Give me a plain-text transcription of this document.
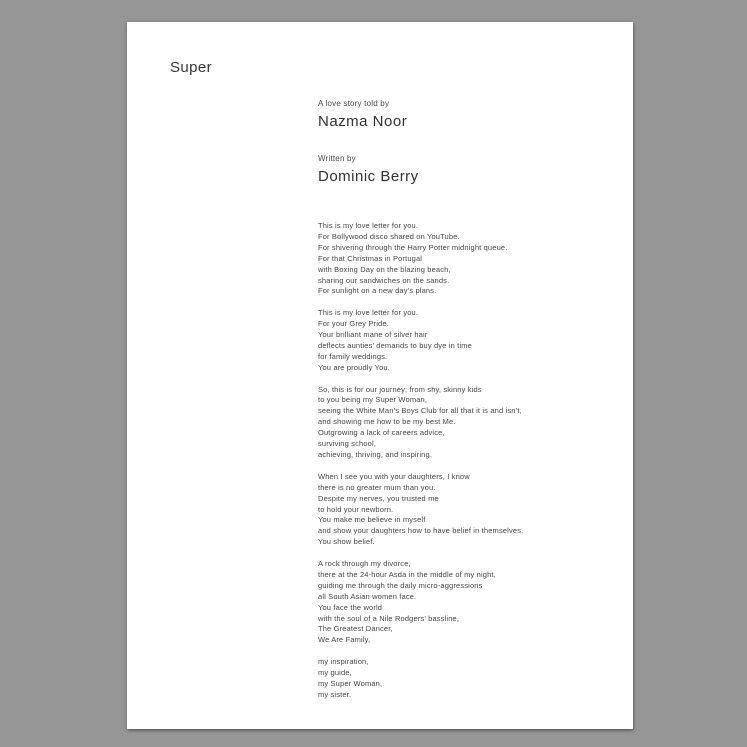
Super
A love story told by
Nazma Noor
Written by
Dominic Berry
This is my love letter for you.
For Bollywood disco shared on YouTube.
For shivering through the Harry Potter midnight queue.
For that Christmas in Portugal
with Boxing Day on the blazing beach,
sharing our sandwiches on the sands.
For sunlight on a new day’s plans.
This is my love letter for you.
For your Grey Pride.
Your brilliant mane of silver hair
deflects aunties’ demands to buy dye in time
for family weddings.
You are proudly You.
So, this is for our journey; from shy, skinny kids
to you being my Super Woman,
seeing the White Man’s Boys Club for all that it is and isn’t,
and showing me how to be my best Me.
Outgrowing a lack of careers advice,
surviving school,
achieving, thriving, and inspiring.
When I see you with your daughters, I know
there is no greater mum than you.
Despite my nerves, you trusted me
to hold your newborn.
You make me believe in myself
and show your daughters how to have belief in themselves.
You show belief.
A rock through my divorce,
there at the 24-hour Asda in the middle of my night,
guiding me through the daily micro-aggressions
all South Asian women face.
You face the world
with the soul of a Nile Rodgers’ bassline,
The Greatest Dancer,
We Are Family,
my inspiration,
my guide,
my Super Woman,
my sister.
